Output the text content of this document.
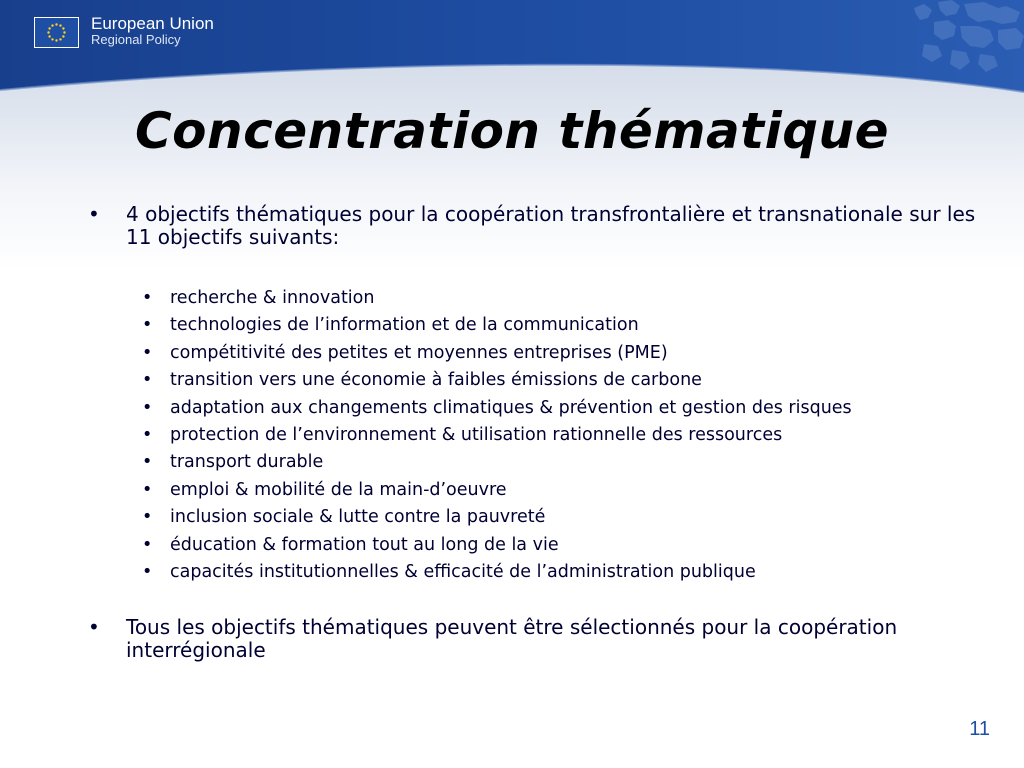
European Union
Regional Policy
Concentration thématique
• 4 objectifs thématiques pour la coopération transfrontalière et transnationale sur les 11 objectifs suivants:
• recherche & innovation
• technologies de l’information et de la communication
• compétitivité des petites et moyennes entreprises (PME)
• transition vers une économie à faibles émissions de carbone
• adaptation aux changements climatiques & prévention et gestion des risques
• protection de l’environnement & utilisation rationnelle des ressources
• transport durable
• emploi & mobilité de la main-d’oeuvre
• inclusion sociale & lutte contre la pauvreté
• éducation & formation tout au long de la vie
• capacités institutionnelles & efficacité de l’administration publique
• Tous les objectifs thématiques peuvent être sélectionnés pour la coopération interrégionale
11
